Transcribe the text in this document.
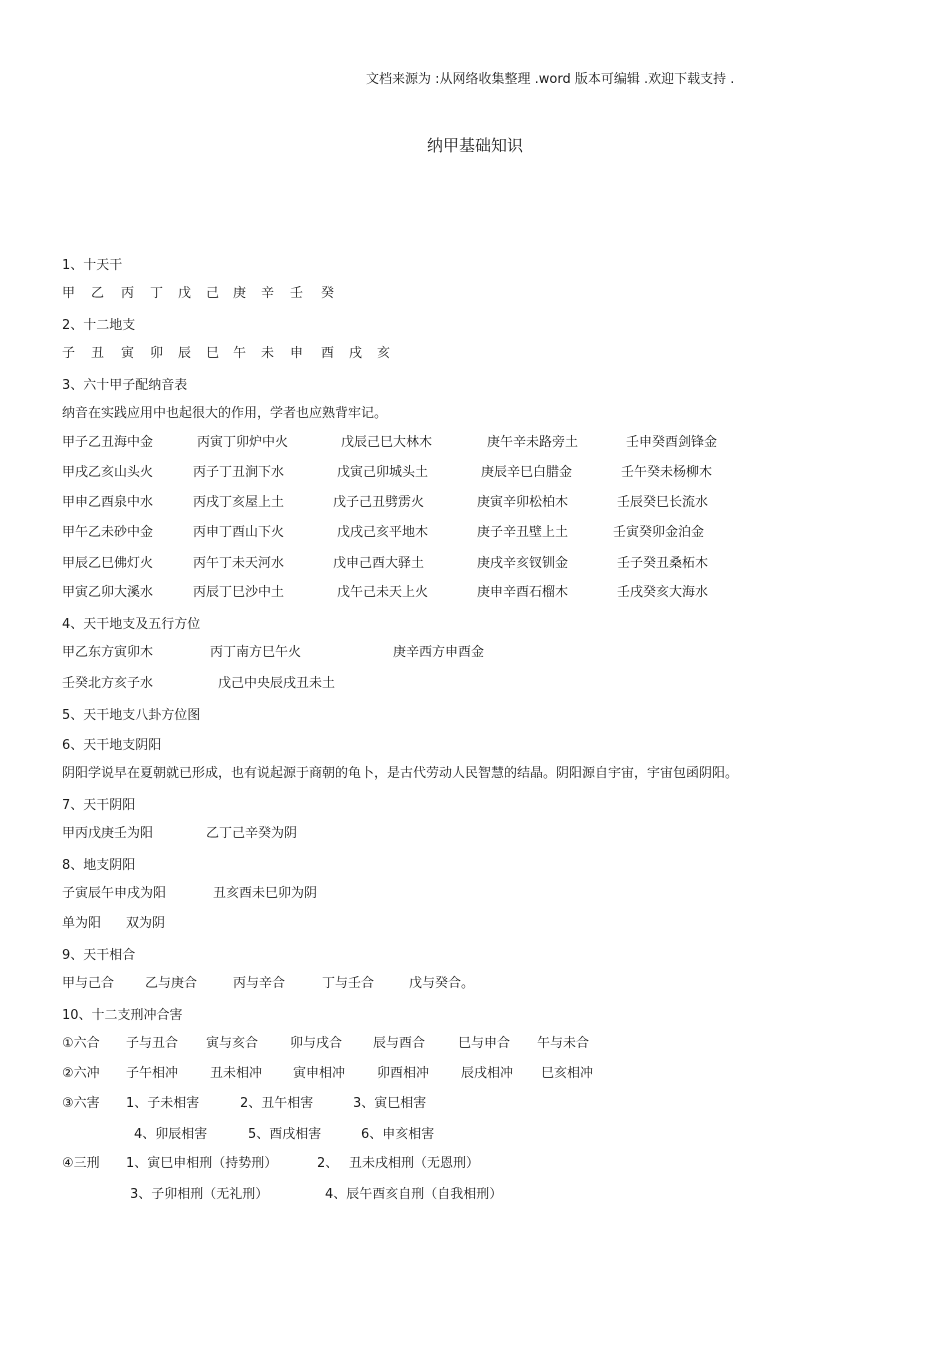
文档来源为 :从网络收集整理 .word 版本可编辑 .欢迎下载支持 .
纳甲基础知识
1、十天干
甲 乙 丙 丁 戊 己 庚 辛 壬 癸
2、十二地支
子 丑 寅 卯 辰 巳 午 未 申 酉 戌 亥
3、六十甲子配纳音表
纳音在实践应用中也起很大的作用，学者也应熟背牢记。
甲子乙丑海中金	丙寅丁卯炉中火	戊辰己巳大林木	庚午辛未路旁土	壬申癸酉剑锋金
甲戌乙亥山头火	丙子丁丑涧下水	戊寅己卯城头土	庚辰辛巳白腊金	壬午癸未杨柳木
甲申乙酉泉中水	丙戌丁亥屋上土	戊子己丑劈雳火	庚寅辛卯松柏木	壬辰癸巳长流水
甲午乙未砂中金	丙申丁酉山下火	戊戌己亥平地木	庚子辛丑壁上土	壬寅癸卯金泊金
甲辰乙巳佛灯火	丙午丁未天河水	戊申己酉大驿土	庚戌辛亥钗钏金	壬子癸丑桑柘木
甲寅乙卯大溪水	丙辰丁巳沙中土	戊午己未天上火	庚申辛酉石榴木	壬戌癸亥大海水
4、天干地支及五行方位
甲乙东方寅卯木	丙丁南方巳午火	庚辛西方申酉金
壬癸北方亥子水	戊己中央辰戌丑未土
5、天干地支八卦方位图
6、天干地支阴阳
阴阳学说早在夏朝就已形成，也有说起源于商朝的龟卜，是古代劳动人民智慧的结晶。阴阳源自宇宙，宇宙包函阴阳。
7、天干阴阳
甲丙戊庚壬为阳	乙丁己辛癸为阴
8、地支阴阳
子寅辰午申戌为阳	丑亥酉未巳卯为阴
单为阳 双为阴
9、天干相合
甲与己合 乙与庚合	丙与辛合	丁与壬合	戊与癸合。
10、十二支刑冲合害
①六合 子与丑合 寅与亥合 卯与戌合 辰与酉合	巳与申合 午与未合
②六冲 子午相冲 丑未相冲 寅申相冲 卯酉相冲 辰戌相冲 巳亥相冲
③六害 1、子未相害	2、丑午相害	3、寅巳相害
4、卯辰相害	5、酉戌相害	6、申亥相害
④三刑 1、寅巳申相刑（持势刑）	2、 丑未戌相刑（无恩刑）
3、子卯相刑（无礼刑）	4、辰午酉亥自刑（自我相刑）
